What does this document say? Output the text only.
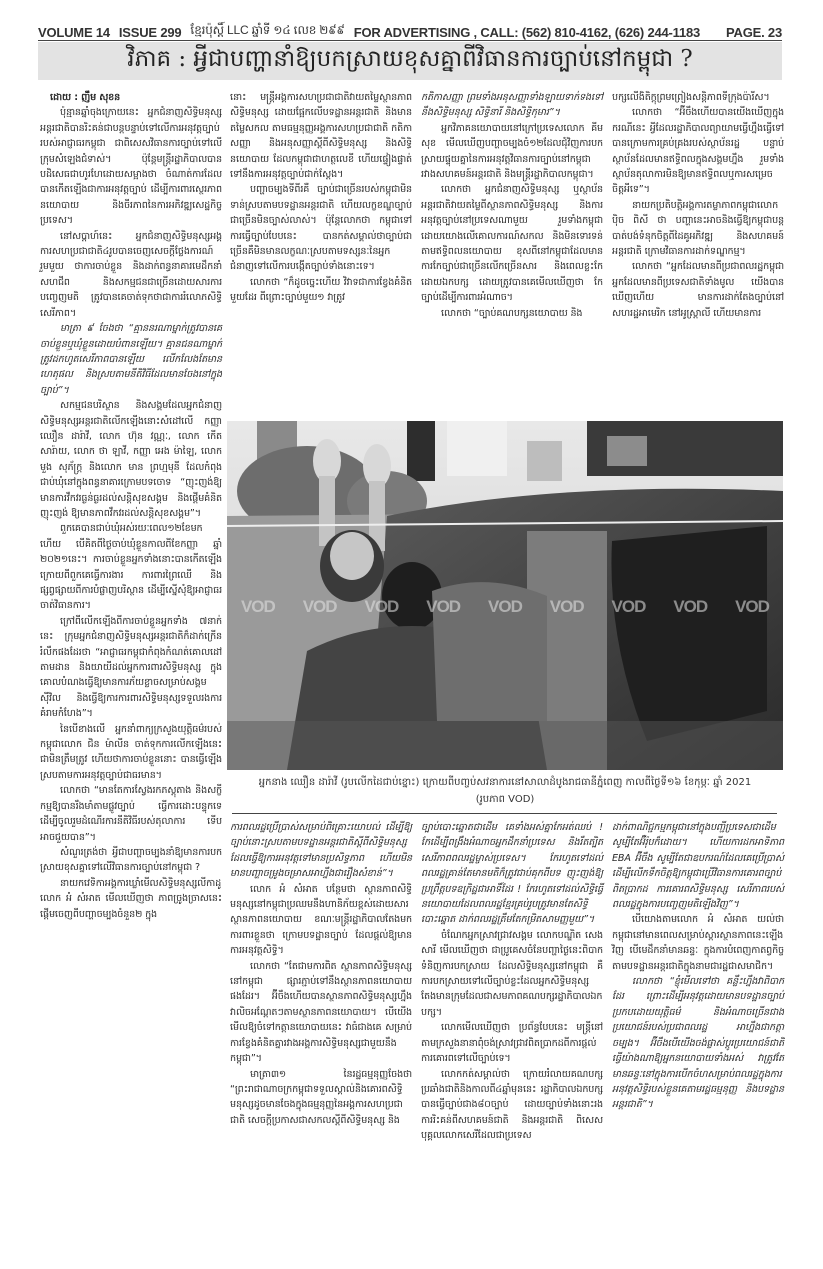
VOLUME 14 ISSUE 299 ខ្មែរប៉ុស្តិ៍ LLC ឆ្នាំទី ១៤ លេខ ២៩៩ FOR ADVERTISING , CALL: (562) 810-4162, (626) 244-1183 PAGE. 23
វិភាគ : អ្វីជាបញ្ហានាំឱ្យបកស្រាយខុសគ្នាពីវិធានការច្បាប់នៅកម្ពុជា ?

ដោយ : ញឹម សុខន

ប៉ុន្មានឆ្នាំចុងក្រោយនេះ អ្នកជំនាញសិទ្ធិមនុស្សអន្តរជាតិបានរិះគន់ជាបន្តបន្ទាប់ទៅលើការអនុវត្តច្បាប់របស់អាជ្ញាធរកម្ពុជា ជាពិសេសវិធានការច្បាប់ទៅលើក្រុមសំឡេងជំទាស់។ ប៉ុន្តែមន្ត្រីរដ្ឋាភិបាលបានបដិសេធជាហូរហែដោយសម្អាងថា ចំណាត់ការដែលបានកើតឡើងជាការអនុវត្តច្បាប់ ដើម្បីការពារស្ថេរភាពនយោបាយ និងចីរភាពនៃការអភិវឌ្ឍសេដ្ឋកិច្ចប្រទេស។

នៅសប្តាហ៍នេះ អ្នកជំនាញសិទ្ធិមនុស្សអង្គការសហប្រជាជាតិ៤រូបបានចេញសេចក្តីថ្លែងការណ៍រួមមួយ ថាការចាប់ខ្លួន និងដាក់ពន្ធនាគារមេដឹកនាំសហជីព និងសកម្មជនជាច្រើនដោយសារការបញ្ចេញមតិ ត្រូវបានគេចាត់ទុកថាជាការរំលោភសិទ្ធិសេរីភាព។

មាត្រា ៩ ចែងថា “គ្មាននរណាម្នាក់ត្រូវបានគេចាប់ខ្លួនឬឃុំខ្លួនដោយបំពានឡើយ។ គ្មានជនណាម្នាក់ត្រូវដកហូតសេរីភាពបានឡើយ លើកលែងតែមានហេតុផល និងស្របតាមនីតិវិធីដែលមានចែងនៅក្នុងច្បាប់”។

សកម្មជនបរិស្ថាន និងសង្គមដែលអ្នកជំនាញសិទ្ធិមនុស្សអន្តរជាតិលើកឡើងនោះសំដៅលើ កញ្ញា ឈឿន ដារ៉ាវី, លោក ហ៊ុន វណ្ណៈ, លោក កើត សារ៉ាយ, លោក ថា ឡាវី, កញ្ញា អេង ម៉ាឡៃ, លោក មួង សុភ័ក្ត្រ និងលោក មាន ព្រហ្មមុនី ដែលកំពុងជាប់ឃុំនៅក្នុងពន្ធនាគារក្រោមបទចោទ “ញុះញង់ឱ្យមានការវឹកវរធ្ងន់ធ្ងរដល់សន្តិសុខសង្គម និងផ្តើមគំនិតញុះញង់ ឱ្យមានភាពវឹកវរដល់សន្តិសុខសង្គម”។

ពួកគេបានជាប់ឃុំអស់រយៈពេល១២ខែមក ហើយ បើគិតពីថ្ងៃចាប់ឃុំខ្លួនកាលពីខែកញ្ញា ឆ្នាំ ២០២១នេះ។ ការចាប់ខ្លួនអ្នកទាំងនោះបានកើតឡើងក្រោយពីពួកគេធ្វើការងារ ការពារព្រៃឈើ និងផ្សព្វផ្សាយពីការបំផ្លាញបរិស្ថាន ដើម្បីស្នើសុំឱ្យអាជ្ញាធរចាត់វិធានការ។

ក្រៅពីលើកឡើងពីការចាប់ខ្លួនអ្នកទាំង ៧នាក់នេះ ក្រុមអ្នកជំនាញសិទ្ធិមនុស្សអន្តរជាតិក៏ដាក់ក្រើនរំលឹកផងដែរថា “អាជ្ញាធរកម្ពុជាកំពុងកំណត់គោលដៅតាមដាន និងយាយីដល់អ្នកការពារសិទ្ធិមនុស្ស ក្នុងគោលបំណងធ្វើឱ្យមានការភ័យខ្លាចសម្រាប់សង្គមស៊ីវិល និងធ្វើឱ្យការការពារសិទ្ធិមនុស្សទទួលរងការគំរាមកំហែង”។

នៃបើខាងលើ អ្នកនាំពាក្យក្រសួងយុត្តិធម៌របស់កម្ពុជាលោក ជិន ម៉ាលីន ចាត់ទុកការលើកឡើងនេះជាមិនត្រឹមត្រូវ ហើយថាការចាប់ខ្លួននោះ បានធ្វើឡើងស្របតាមការអនុវត្តច្បាប់ជាធរមាន។

លោកថា “មានតែការស្វែងរកភស្តុតាង និងសក្ខីកម្មឱ្យបានរឹងមាំតាមផ្លូវច្បាប់ ធ្វើការដោះបន្ទុកទេ ដើម្បីចូលរួមដំណើរការនីតិវិធីរបស់តុលាការ ទើបអាចជួយបាន”។

សំណួរត្រង់ថា អ្វីជាបញ្ហាចម្បងនាំឱ្យមានការបកស្រាយខុសគ្នាទៅលើវិធានការច្បាប់នៅកម្ពុជា ?

នាយកវេទិកាអង្គការឃ្លាំមើលសិទ្ធិមនុស្សលីកាដូ លោក អំ សំអាត មើលឃើញថា ភាពច្រូងច្រាសនេះផ្តើមចេញពីបញ្ហាចម្បងចំនួន២ ក្នុង

នោះ មន្ត្រីអង្គការសហប្រជាជាតិវាយតម្លៃស្ថានភាពសិទ្ធិមនុស្ស ដោយផ្អែកលើបទដ្ឋានអន្តរជាតិ និងមានតម្លៃសកល តាមធម្មនុញ្ញអង្គការសហប្រជាជាតិ កតិកាសញ្ញា និងអនុសញ្ញាស្តីពីសិទ្ធិមនុស្ស និងសិទ្ធិនយោបាយ ដែលកម្ពុជាជាហត្ថលេខី ហើយផ្ទៀងផ្ទាត់ទៅនឹងការអនុវត្តច្បាប់ជាក់ស្តែង។

បញ្ហាចម្បងទីពីរគឺ ច្បាប់ជាច្រើនរបស់កម្ពុជាមិនទាន់ស្របតាមបទដ្ឋានអន្តរជាតិ ហើយលក្ខខណ្ឌច្បាប់ជាច្រើនមិនច្បាស់លាស់។ ប៉ុន្តែលោកថា កម្ពុជាទៅ ការធ្វើច្បាប់បែបនេះ បានកត់សម្គាល់ថាច្បាប់ជាច្រើនគឺមិនមានលក្ខណៈស្របតាមទស្សនៈនៃអ្នកជំនាញទៅលើការបង្កើតច្បាប់ទាំងនោះទេ។

លោកថា “ក៏ដូចច្នេះហើយ វិវាទជាការខ្វែងគំនិតមួយដែរ ពីព្រោះច្បាប់មួយ១ វាត្រូវ

កតិកាសញ្ញា ព្រមទាំងអនុសញ្ញាទាំងឡាយទាក់ទងទៅនឹងសិទ្ធិមនុស្ស សិទ្ធិនារី និងសិទ្ធិកុមារ”។

អ្នកវិភាគនយោបាយនៅក្រៅប្រទេសលោក គីម សុខ មើលឃើញបញ្ហាចម្បងចំ១២ដែលជុំវិញការបកស្រាយផ្ទុយគ្នានៃការអនុវត្តវិធានការច្បាប់នៅកម្ពុជារវាងសហគមន៍អន្តរជាតិ និងមន្ត្រីរដ្ឋាភិបាលកម្ពុជា។

លោកថា អ្នកជំនាញសិទ្ធិមនុស្ស ឬស្ថាប័នអន្តរជាតិវាយតម្លៃពីស្ថានភាពសិទ្ធិមនុស្ស និងការអនុវត្តច្បាប់នៅប្រទេសណាមួយ រួមទាំងកម្ពុជា ដោយយោងលើគោលការណ៍សកល និងមិនទោរទន់តាមឥទ្ធិពលនយោបាយ ខុសពីនៅកម្ពុជាដែលមានការកែច្បាប់ជាច្រើនលើកច្រើនសារ និងពេលខ្លះកែដោយឯកបក្ស ដោយត្រូវបានគេមើលឃើញថា កែច្បាប់ដើម្បីការពារអំណាច។

លោកថា “ច្បាប់គណបក្សនយោបាយ និង

បក្សលើងិតិក្តុព្រមព្រៀងសន្តិភាពទីក្រុងប៉ារីស។

លោកថា “អ៊ីចឹងហើយបានយើងឃើញក្នុងករណីនេះ អ្វីដែលរដ្ឋាភិបាលព្យាយាមធ្វើហ្នឹងធ្វើទៅបានក្រោមការគ្រប់គ្រងរបស់ស្ថាប័នរដ្ឋ បន្ទាប់ស្ថាប័នដែលមានឥទ្ធិពលក្នុងសង្គមហ្នឹង រួមទាំងស្ថាប័នតុលាការមិនឱ្យមានឥទ្ធិពលឬការសម្រេចចិត្តអីទេ”។

នាយកប្រតិបត្តិអង្គការតម្លាភាពកម្ពុជាលោក ប៉ិច ពិសី ថា បញ្ហានេះអាចនិងធ្វើឱ្យកម្ពុជាបន្តបាត់បង់ទំនុកចិត្តពីដៃគូអភិវឌ្ឍ និងសហគមន៍អន្តរជាតិ ក្រោមវិធានការដាក់ទណ្ឌកម្ម។

លោកថា “អ្នកដែលមានពីប្រជាពលរដ្ឋកម្ពុជាអ្នកដែលមានពីប្រទេសជាតិទាំងមូល យើងបានឃើញហើយ មានការដាក់តែងច្បាប់នៅសហរដ្ឋអាមេរិក នៅអូស្ត្រាលី ហើយមានការ

VOD VOD VOD VOD VOD VOD VOD VOD VOD
អ្នកនាង ឈឿន ដារ៉ាវី (រូបលើកដៃជាប់ខ្នោះ) ក្រោយពីបញ្ចប់សវនាការនៅសាលាដំបូងរាជធានីភ្នំពេញ កាលពីថ្ងៃទី១៦ ខែកុម្ភៈ ឆ្នាំ 2021
(រូបភាព VOD)

ការពលរដ្ឋប្រើប្រាស់សម្រាប់ពិគ្រោះយោបល់ ដើម្បីឱ្យច្បាប់នោះស្របតាមបទដ្ឋានអន្តរជាតិស្តីពីសិទ្ធិមនុស្ស ដែលធ្វើឱ្យការអនុវត្តទៅមានប្រសិទ្ធភាព ហើយមិនមានបញ្ហាចម្រូងចម្រាសអាហ្នឹងជារឿងសំខាន់”។

លោក អំ សំអាត បន្ថែមថា ស្ថានភាពសិទ្ធិមនុស្សនៅកម្ពុជាប្រឈមនឹងហានិភ័យខ្ពស់ដោយសារស្ថានភាពនយោបាយ ខណៈមន្ត្រីរដ្ឋាភិបាលតែងមកការពារខ្លួនថា ក្រោមបទដ្ឋានច្បាប់ ដែលផ្តល់ឱ្យមានការអនុវត្តសិទ្ធិ។

លោកថា “តែជាមការពិត ស្ថានភាពសិទ្ធិមនុស្សនៅកម្ពុជា ផ្សារភ្ជាប់ទៅនឹងស្ថានភាពនយោបាយផងដែរ។ អ៊ីចឹងហើយបានស្ថានភាពសិទ្ធិមនុស្សហ្នឹង វាលិចអណ្តែតៗតាមស្ថានភាពនយោបាយ។ បើយើងមើលឱ្យចំទៅកត្តានយោបាយនេះ វាធំជាងគេ សម្រាប់ការខ្វែងគំនិតគ្នារវាងអង្គការសិទ្ធិមនុស្សជាមួយនឹងកម្ពុជា”។

មាត្រា៣១ នៃរដ្ឋធម្មនុញ្ញចែងថា “ព្រះរាជាណាចក្រកម្ពុជាទទួលស្គាល់និងគោរពសិទ្ធិមនុស្សដូចមានចែងក្នុងធម្មនុញ្ញនៃអង្គការសហប្រជាជាតិ សេចក្តីប្រកាសជាសកលស្តីពីសិទ្ធិមនុស្ស និង

ច្បាប់បោះឆ្នោតជាដើម គេទាំងអស់គ្នាកែអត់ឈប់ ! កែដើម្បីពង្រឹងអំណាចអ្នកដឹកនាំប្រទេស និងរឹតត្បិតសេរីភាពពលរដ្ឋម្ចាស់ប្រទេស។ កែរហូតទៅដល់ពលរដ្ឋគ្រាន់តែមានមតិក៏ត្រូវជាប់គុកពីបទ ញុះញង់ឱ្យប្រព្រឹត្តបទឧក្រិដ្ឋជាអាទិ៍ដែរ ! កែរហូតទៅដល់សិទ្ធិធ្វើនយោបាយដែលពលរដ្ឋខ្មែរគ្រប់រូបត្រូវមានតែសិទ្ធិបោះឆ្នោត ដាក់ពលរដ្ឋត្រឹមតែកម្រិតសាមញ្ញមួយ”។

ចំណែកអ្នកស្រាវជ្រាវសង្គម លោកបណ្ឌិត សេង សារី មើលឃើញថា ជាប្រូគេសចំនែបញ្ហាថ្ងៃនេះពិបាកទំនិញការបកស្រាយ ដែលសិទ្ធិមនុស្សនៅកម្ពុជា គឺការបកស្រាយទៅលើច្បាប់ខ្លះដែលអ្នកសិទ្ធិមនុស្សតែងមានក្រុមដែលជាសមភាពគណបក្សរដ្ឋាភិបាលឯកបក្ស។

លោកមើលឃើញថា ប្រព័ន្ធបែបនេះ មន្ត្រីនៅតាមក្រសួងនានាពុំចង់ស្រាវជ្រាវពិតប្រាកដពីការផ្តល់ការគោរពទៅលើច្បាប់ទេ។

លោកកត់សម្គាល់ថា ក្រោយរំលាយគណបក្សប្រឆាំងជាតិនិងកាលពី៤ឆ្នាំមុននេះ រដ្ឋាភិបាលឯកបក្សបានធ្វើច្បាប់ជាង៨០ច្បាប់ ដោយច្បាប់ទាំងនោះរងការរិះគន់ពីសហគមន៍ជាតិ និងអន្តរជាតិ ពិសេសបុគ្គលលោកសេរីដែលជាប្រទេស

ដាក់ពាណិជ្ជកម្មកម្ពុជានៅក្នុងបញ្ជីប្រទេសជាដើម សូម្បីតែអ៊ឺរ៉ុបក៏ដោយ។ ហើយការដកអាទិភាព EBA អ៊ីចឹង សូម្បីតែជាឧបករណ៍ដែលគេប្រើប្រាស់ ដើម្បីលើកទឹកចិត្តឱ្យកម្ពុជាប្រើវិធានការគោរពច្បាប់ពិតប្រាកដ ការគោរពសិទ្ធិមនុស្ស សេរីភាពរបស់ពលរដ្ឋក្នុងការបញ្ចេញមតិឡើងវិញ”។

បើយោងតាមលោក អំ សំអាត យល់ថា កម្ពុជានៅមានពេលសម្រាប់ស្តារស្ថានភាពនេះឡើងវិញ បើមេដឹកនាំមានឆន្ទៈ ក្នុងការបំពេញកាតព្វកិច្ចតាមបទដ្ឋានអន្តរជាតិក្នុងនាមជារដ្ឋជាសមាជិក។

លោកថា “ខ្ញុំមើលទៅថា គន្លឹះហ្នឹងវាពិបាកដែរ ព្រោះដើម្បីអនុវត្តដោយមានបទដ្ឋានច្បាប់ប្រកបដោយយុត្តិធម៌ និងអំណាចច្រើនជាងប្រយោជន៍របស់ប្រជាពលរដ្ឋ អាហ្នឹងជាកត្តាចម្បង។ អ៊ីចឹងបើយើងចង់ផ្លាស់ប្តូរប្រយោជន៍ជាតិ ធ្វើយ៉ាងណាឱ្យអ្នកនយោបាយទាំងអស់ វាត្រូវតែមានឆន្ទៈនៅក្នុងការបើកចំហសម្រាប់ពលរដ្ឋក្នុងការអនុវត្តសិទ្ធិរបស់ខ្លួនគេតាមរដ្ឋធម្មនុញ្ញ និងបទដ្ឋានអន្តរជាតិ”។
